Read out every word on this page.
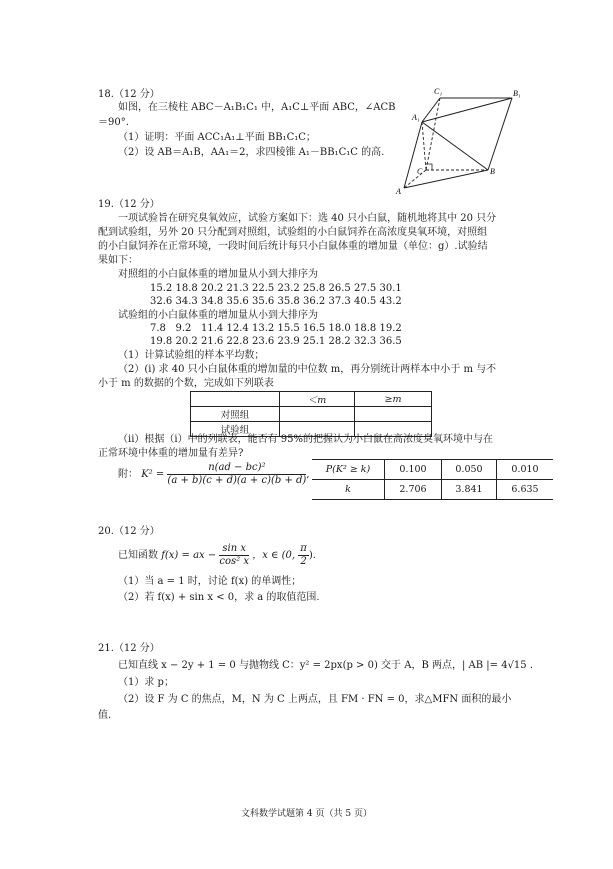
18.（12 分）
如图，在三棱柱 ABC－A₁B₁C₁ 中，A₁C⊥平面 ABC，∠ACB
＝90°.
（1）证明：平面 ACC₁A₁⊥平面 BB₁C₁C；
（2）设 AB＝A₁B，AA₁＝2，求四棱锥 A₁－BB₁C₁C 的高.
C₁	B₁
A₁
C	B
A
19.（12 分）
一项试验旨在研究臭氧效应，试验方案如下：选 40 只小白鼠，随机地将其中 20 只分
配到试验组，另外 20 只分配到对照组，试验组的小白鼠饲养在高浓度臭氧环境，对照组
的小白鼠饲养在正常环境，一段时间后统计每只小白鼠体重的增加量（单位：g）.试验结
果如下：
对照组的小白鼠体重的增加量从小到大排序为
15.2 18.8 20.2 21.3 22.5 23.2 25.8 26.5 27.5 30.1
32.6 34.3 34.8 35.6 35.6 35.8 36.2 37.3 40.5 43.2
试验组的小白鼠体重的增加量从小到大排序为
7.8 9.2 11.4 12.4 13.2 15.5 16.5 18.0 18.8 19.2
19.8 20.2 21.6 22.8 23.6 23.9 25.1 28.2 32.3 36.5
（1）计算试验组的样本平均数；
（2）(i) 求 40 只小白鼠体重的增加量的中位数 m，再分别统计两样本中小于 m 与不
小于 m 的数据的个数，完成如下列联表
	＜m	≥m
对照组		
试验组		
（ii）根据（i）中的列联表，能否有 95%的把握认为小白鼠在高浓度臭氧环境中与在
正常环境中体重的增加量有差异?
附： $K^2 = \frac{\text{n(ad − bc)²}}{(a + b)(c + d)(a + c)(b + d)}$ , P(K² ≥ k)	0.100	0.050	0.010
k	2.706	3.841	6.635
20.（12 分）
已知函数 f(x) = ax − $\frac{\text{sin x}}{\text{cos² x}}$ ，x ∈ (0, $\frac{\pi}{2}$ ).
（1）当 a = 1 时，讨论 f(x) 的单调性；
（2）若 f(x) + sin x < 0，求 a 的取值范围.
21.（12 分）
已知直线 x − 2y + 1 = 0 与抛物线 C：y² = 2px(p > 0) 交于 A，B 两点，| AB |= 4√15 .
（1）求 p；
（2）设 F 为 C 的焦点，M，N 为 C 上两点，且 FM · FN = 0，求△MFN 面积的最小
值.
文科数学试题第 4 页（共 5 页）
